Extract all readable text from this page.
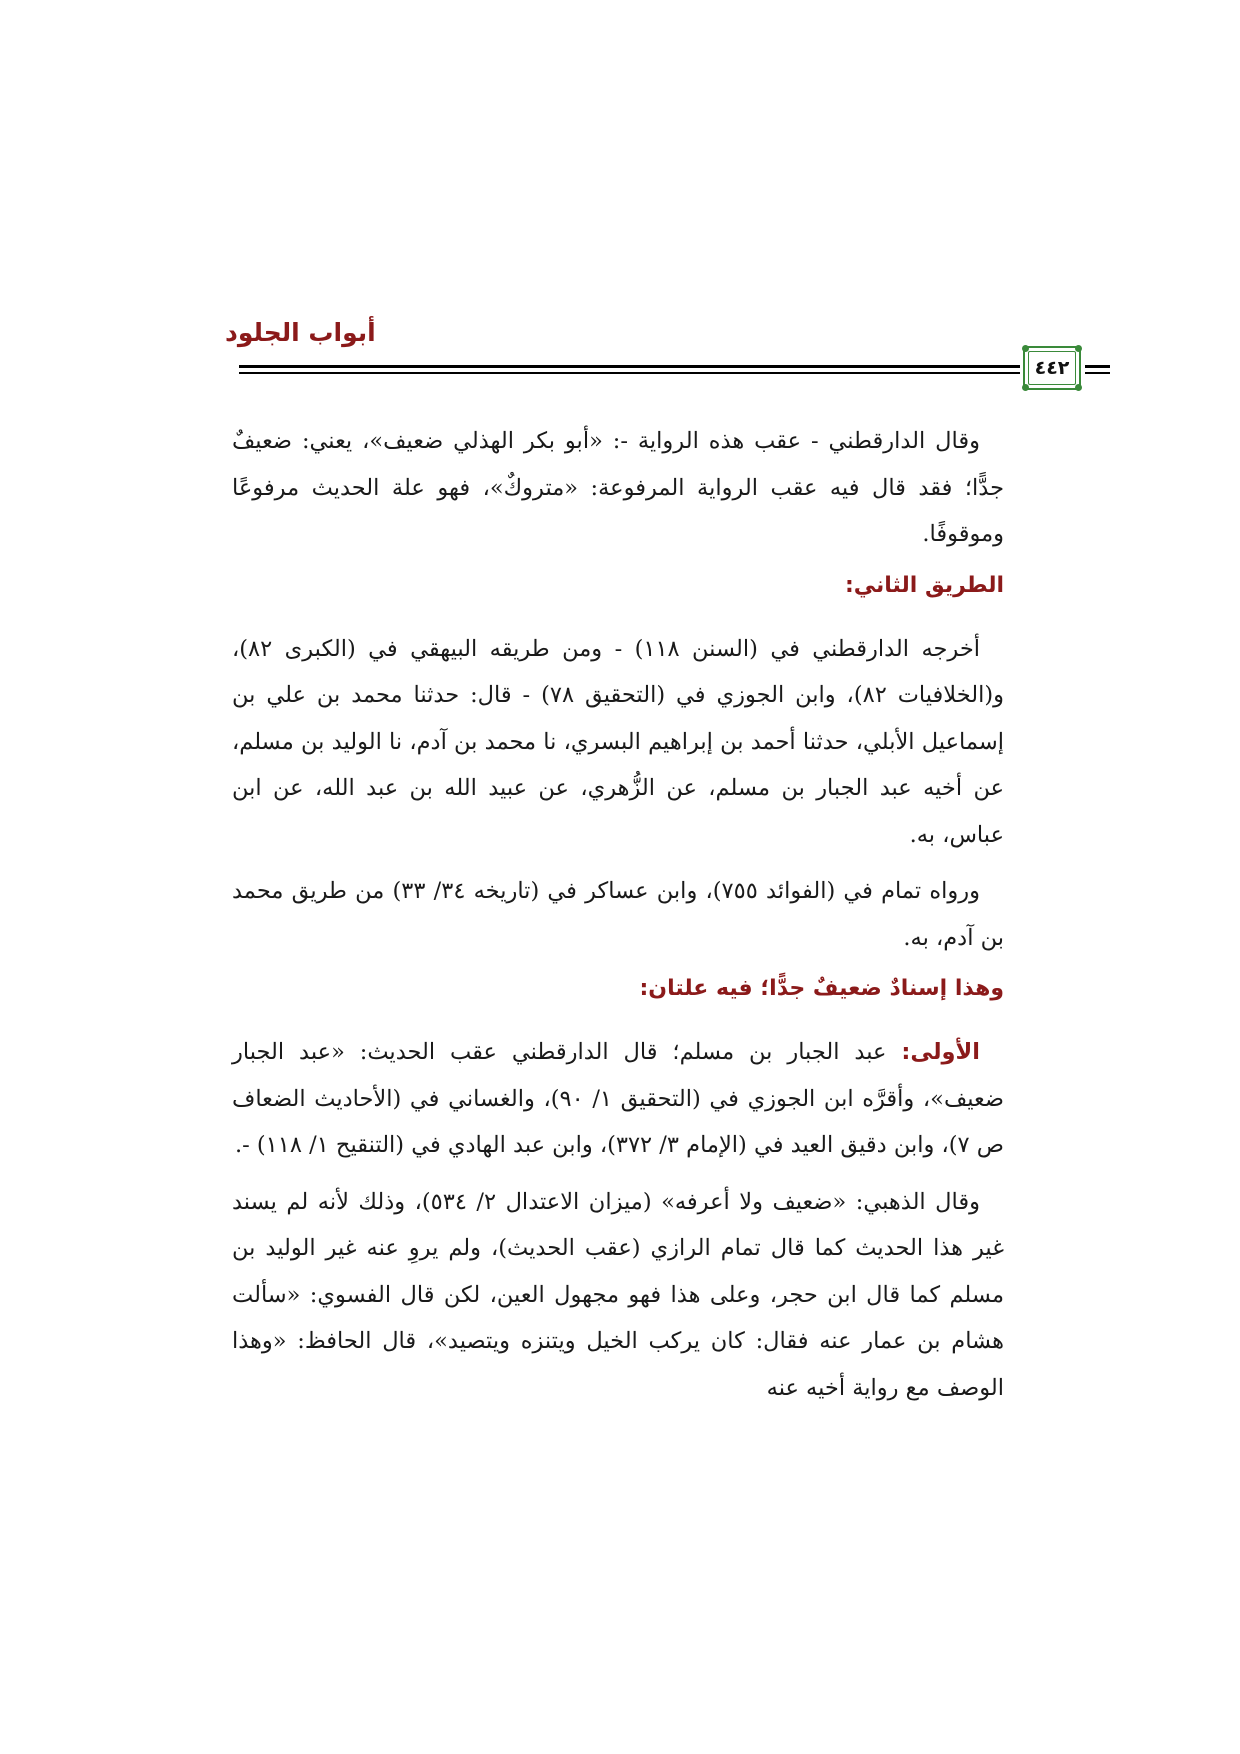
أبواب الجلود
٤٤٢

وقال الدارقطني - عقب هذه الرواية -: «أبو بكر الهذلي ضعيف»، يعني: ضعيفٌ جدًّا؛ فقد قال فيه عقب الرواية المرفوعة: «متروكٌ»، فهو علة الحديث مرفوعًا وموقوفًا.

الطريق الثاني:

أخرجه الدارقطني في (السنن ١١٨) - ومن طريقه البيهقي في (الكبرى ٨٢)، و(الخلافيات ٨٢)، وابن الجوزي في (التحقيق ٧٨) - قال: حدثنا محمد بن علي بن إسماعيل الأبلي، حدثنا أحمد بن إبراهيم البسري، نا محمد بن آدم، نا الوليد بن مسلم، عن أخيه عبد الجبار بن مسلم، عن الزُّهري، عن عبيد الله بن عبد الله، عن ابن عباس، به.

ورواه تمام في (الفوائد ٧٥٥)، وابن عساكر في (تاريخه ٣٤/ ٣٣) من طريق محمد بن آدم، به.

وهذا إسنادٌ ضعيفٌ جدًّا؛ فيه علتان:

الأولى: عبد الجبار بن مسلم؛ قال الدارقطني عقب الحديث: «عبد الجبار ضعيف»، وأقرَّه ابن الجوزي في (التحقيق ١/ ٩٠)، والغساني في (الأحاديث الضعاف ص ٧)، وابن دقيق العيد في (الإمام ٣/ ٣٧٢)، وابن عبد الهادي في (التنقيح ١/ ١١٨) -.

وقال الذهبي: «ضعيف ولا أعرفه» (ميزان الاعتدال ٢/ ٥٣٤)، وذلك لأنه لم يسند غير هذا الحديث كما قال تمام الرازي (عقب الحديث)، ولم يروِ عنه غير الوليد بن مسلم كما قال ابن حجر، وعلى هذا فهو مجهول العين، لكن قال الفسوي: «سألت هشام بن عمار عنه فقال: كان يركب الخيل ويتنزه ويتصيد»، قال الحافظ: «وهذا الوصف مع رواية أخيه عنه
